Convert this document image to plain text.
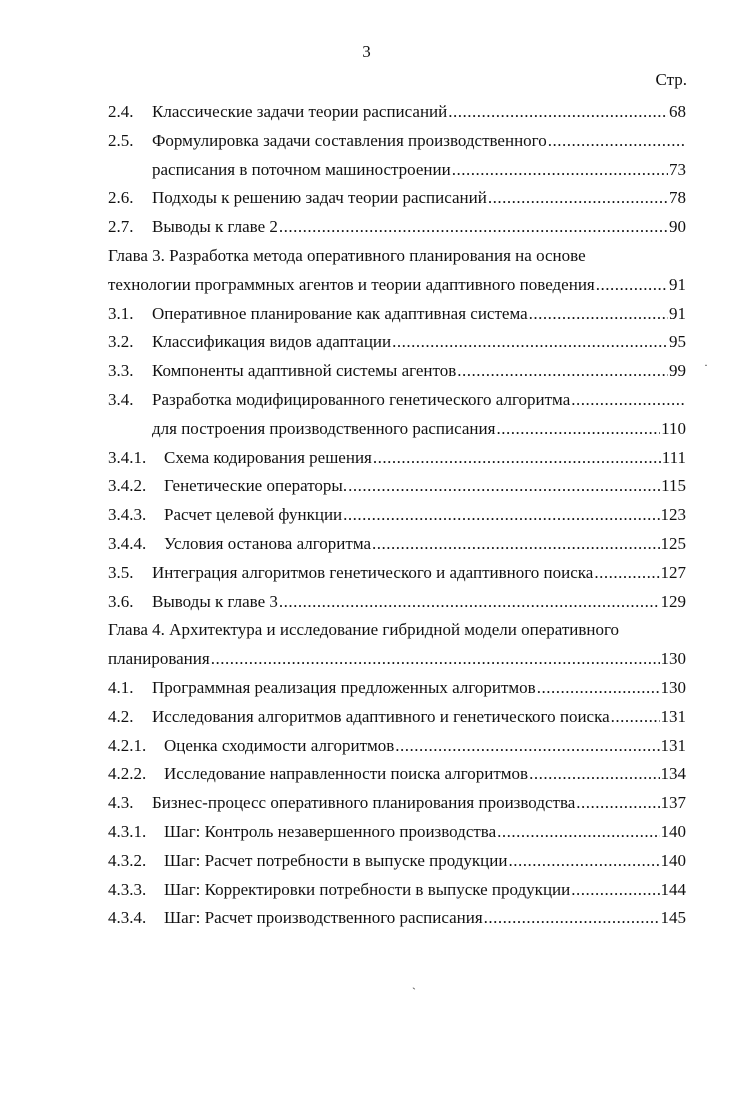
3
Стр.
2.4. Классические задачи теории расписаний .....	68
2.5. Формулировка задачи составления производственного
.....
расписания в поточном машиностроении .....	73
2.6. Подходы к решению задач теории расписаний .....	78
2.7. Выводы к главе 2 .....	90
Глава 3. Разработка метода оперативного планирования на основе
технологии программных агентов и теории адаптивного поведения .....	91
3.1. Оперативное планирование как адаптивная система .....	91
3.2. Классификация видов адаптации .....	95
3.3. Компоненты адаптивной системы агентов .....	99
3.4. Разработка модифицированного генетического алгоритма
.....
для построения производственного расписания .....	110
3.4.1. Схема кодирования решения .....	111
3.4.2. Генетические операторы. .....	115
3.4.3. Расчет целевой функции .....	123
3.4.4. Условия останова алгоритма .....	125
3.5. Интеграция алгоритмов генетического и адаптивного поиска .....	127
3.6. Выводы к главе 3 .....	129
Глава 4. Архитектура и исследование гибридной модели оперативного
планирования .....	130
4.1. Программная реализация предложенных алгоритмов .....	130
4.2. Исследования алгоритмов адаптивного и генетического поиска .....	131
4.2.1. Оценка сходимости алгоритмов .....	131
4.2.2. Исследование направленности поиска алгоритмов .....	134
4.3. Бизнес-процесс оперативного планирования производства .....	137
4.3.1. Шаг: Контроль незавершенного производства .....	140
4.3.2. Шаг: Расчет потребности в выпуске продукции .....	140
4.3.3. Шаг: Корректировки потребности в выпуске продукции .....	144
4.3.4. Шаг: Расчет производственного расписания .....	145
·
`
